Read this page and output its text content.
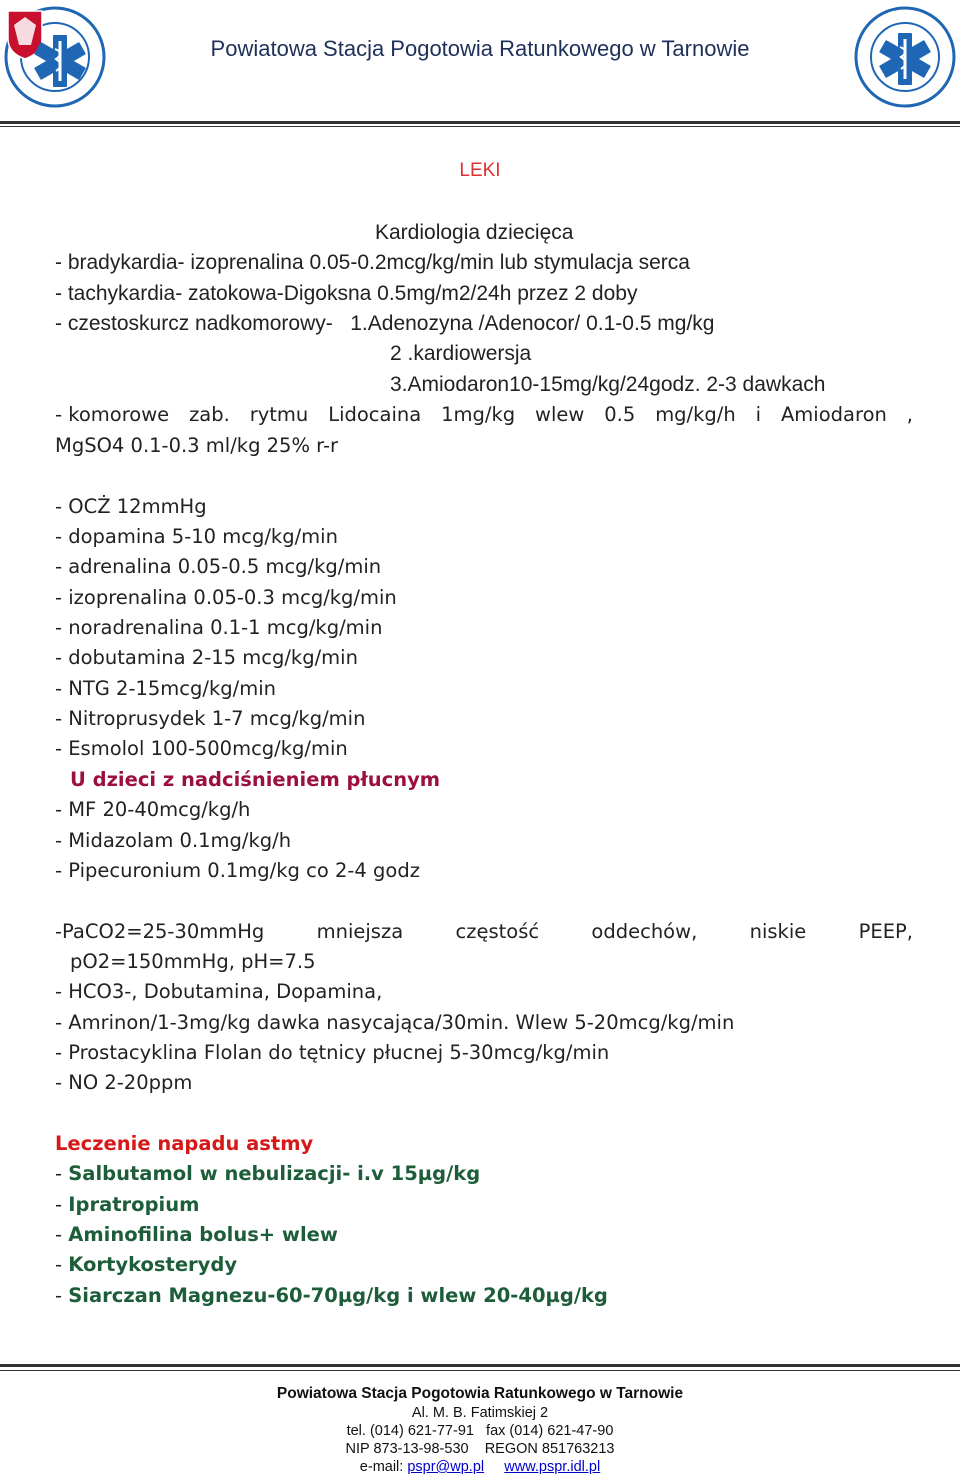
Powiatowa Stacja Pogotowia Ratunkowego w Tarnowie
LEKI
Kardiologia dziecięca
- bradykardia- izoprenalina 0.05-0.2mcg/kg/min lub stymulacja serca
- tachykardia- zatokowa-Digoksna 0.5mg/m2/24h przez 2 doby
- czestoskurcz nadkomorowy-   1.Adenozyna /Adenocor/ 0.1-0.5 mg/kg
2 .kardiowersja
3.Amiodaron10-15mg/kg/24godz. 2-3 dawkach
- komorowe zab. rytmu Lidocaina 1mg/kg wlew 0.5 mg/kg/h i Amiodaron ,
MgSO4 0.1-0.3 ml/kg 25% r-r
- OCŻ 12mmHg
- dopamina 5-10 mcg/kg/min
- adrenalina 0.05-0.5 mcg/kg/min
- izoprenalina 0.05-0.3 mcg/kg/min
- noradrenalina 0.1-1 mcg/kg/min
- dobutamina 2-15 mcg/kg/min
- NTG 2-15mcg/kg/min
- Nitroprusydek 1-7 mcg/kg/min
- Esmolol 100-500mcg/kg/min
U dzieci z nadciśnieniem płucnym
- MF 20-40mcg/kg/h
- Midazolam 0.1mg/kg/h
- Pipecuronium 0.1mg/kg co 2-4 godz
-PaCO2=25-30mmHg	mniejsza	częstość	oddechów,	niskie	PEEP,
pO2=150mmHg, pH=7.5
- HCO3-, Dobutamina, Dopamina,
- Amrinon/1-3mg/kg dawka nasycająca/30min. Wlew 5-20mcg/kg/min
- Prostacyklina Flolan do tętnicy płucnej 5-30mcg/kg/min
- NO 2-20ppm
Leczenie napadu astmy
- Salbutamol w nebulizacji- i.v 15µg/kg
- Ipratropium
- Aminofilina bolus+ wlew
- Kortykosterydy
- Siarczan Magnezu-60-70µg/kg i wlew 20-40µg/kg
Powiatowa Stacja Pogotowia Ratunkowego w Tarnowie
Al. M. B. Fatimskiej 2
tel. (014) 621-77-91   fax (014) 621-47-90
NIP 873-13-98-530    REGON 851763213
e-mail: pspr@wp.pl www.pspr.idl.pl
